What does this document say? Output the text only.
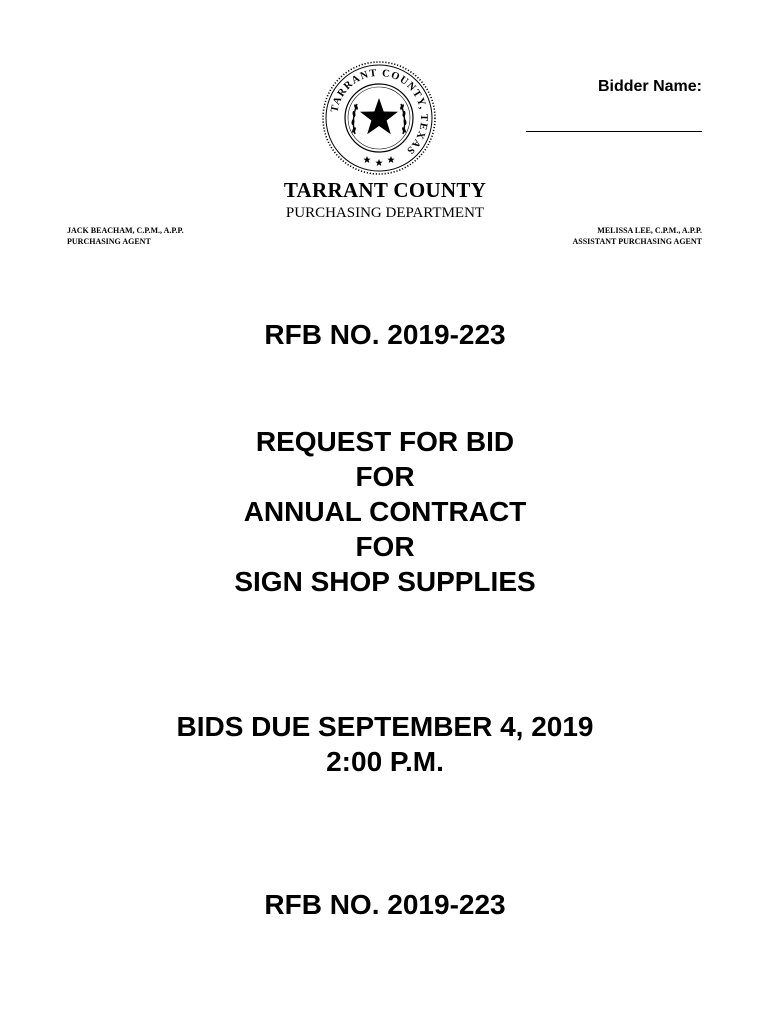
TARRANT COUNTY, TEXAS
Bidder Name:
TARRANT COUNTY
PURCHASING DEPARTMENT
JACK BEACHAM, C.P.M., A.P.P.
PURCHASING AGENT
MELISSA LEE, C.P.M., A.P.P.
ASSISTANT PURCHASING AGENT
RFB NO. 2019-223
REQUEST FOR BID
FOR
ANNUAL CONTRACT
FOR
SIGN SHOP SUPPLIES
BIDS DUE SEPTEMBER 4, 2019
2:00 P.M.
RFB NO. 2019-223
